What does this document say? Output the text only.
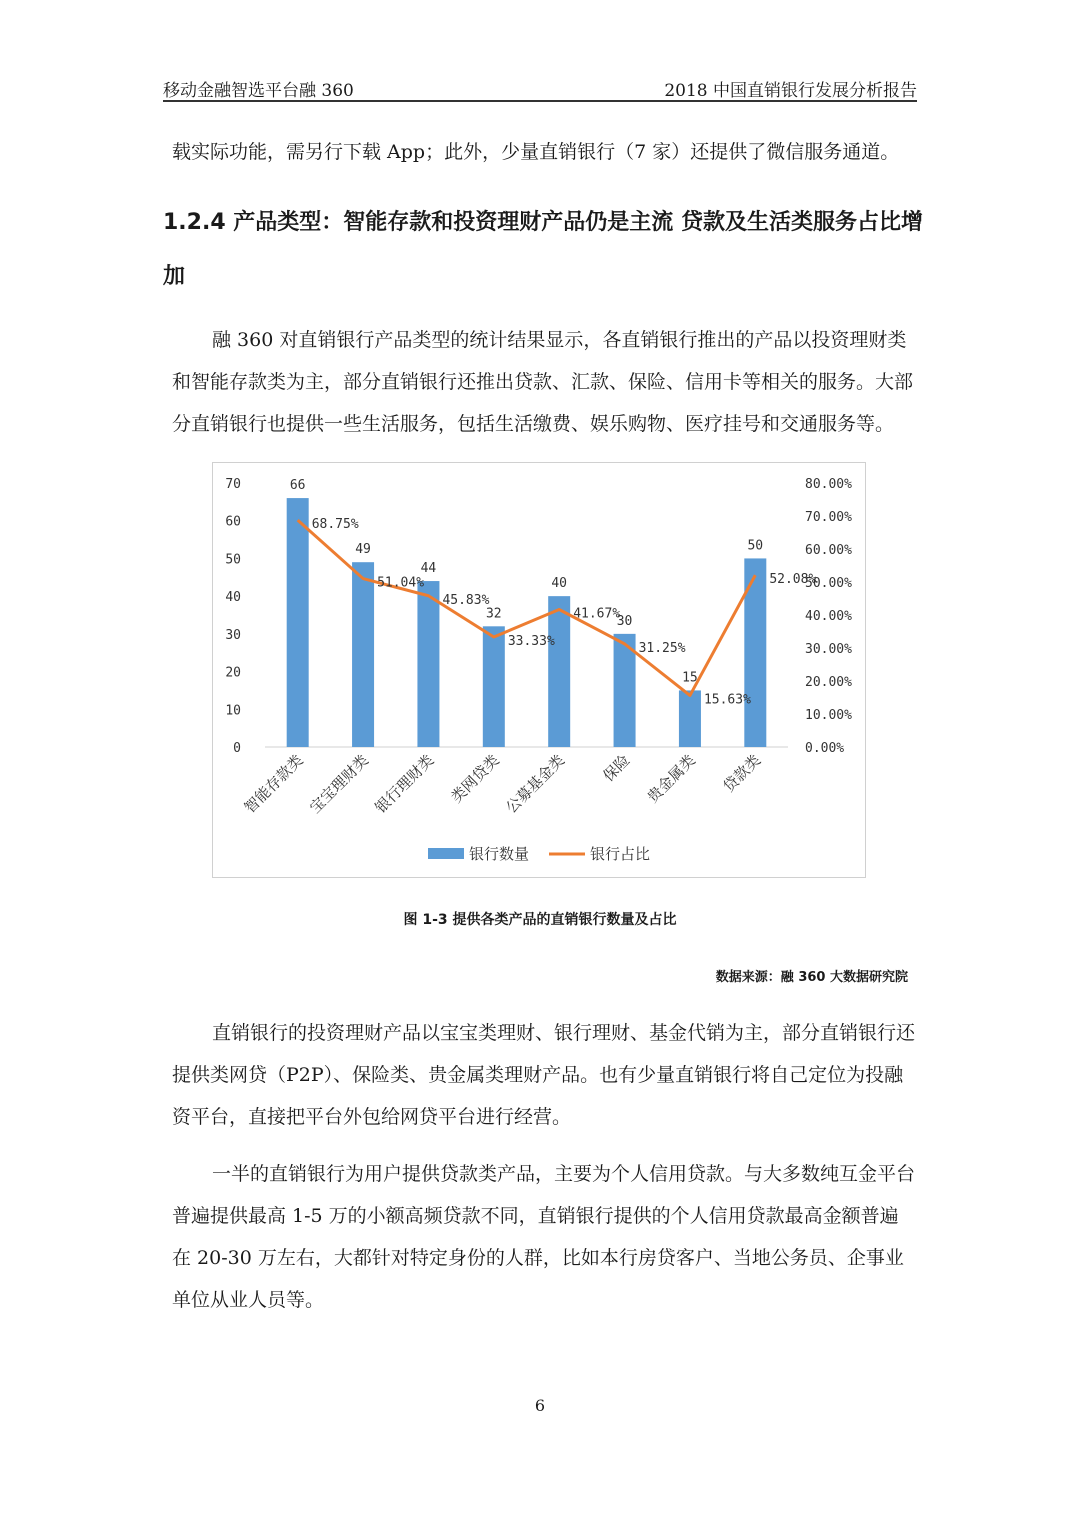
移动金融智选平台融 360	2018 中国直销银行发展分析报告

载实际功能，需另行下载 App；此外，少量直销银行（7 家）还提供了微信服务通道。

1.2.4 产品类型：智能存款和投资理财产品仍是主流 贷款及生活类服务占比增加

融 360 对直销银行产品类型的统计结果显示，各直销银行推出的产品以投资理财类和智能存款类为主，部分直销银行还推出贷款、汇款、保险、信用卡等相关的服务。大部分直销银行也提供一些生活服务，包括生活缴费、娱乐购物、医疗挂号和交通服务等。

0
10
20
30
40
50
60
70
0.00%
10.00%
20.00%
30.00%
40.00%
50.00%
60.00%
70.00%
80.00%
66
49
44
32
40
30
15
50
68.75%
51.04%
45.83%
33.33%
41.67%
31.25%
15.63%
52.08%
智能存款类 宝宝理财类 银行理财类 类网贷类 公募基金类 保险 贵金属类 贷款类
银行数量	银行占比
图 1-3 提供各类产品的直销银行数量及占比
数据来源：融 360 大数据研究院

直销银行的投资理财产品以宝宝类理财、银行理财、基金代销为主，部分直销银行还提供类网贷（P2P）、保险类、贵金属类理财产品。也有少量直销银行将自己定位为投融资平台，直接把平台外包给网贷平台进行经营。

一半的直销银行为用户提供贷款类产品，主要为个人信用贷款。与大多数纯互金平台普遍提供最高 1-5 万的小额高频贷款不同，直销银行提供的个人信用贷款最高金额普遍在 20-30 万左右，大都针对特定身份的人群，比如本行房贷客户、当地公务员、企事业单位从业人员等。

6
